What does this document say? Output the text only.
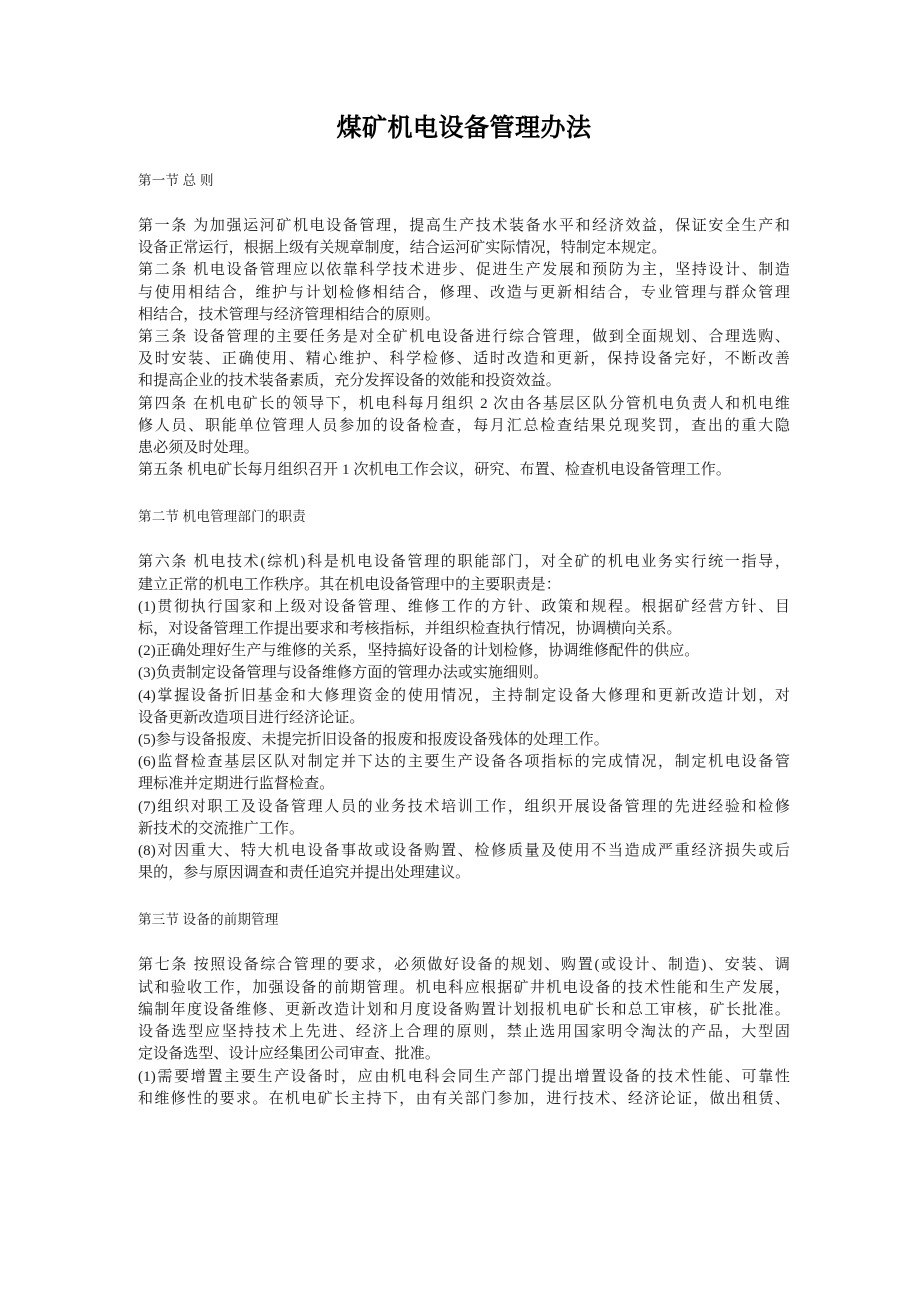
煤矿机电设备管理办法
第一节 总 则

第一条 为加强运河矿机电设备管理，提高生产技术装备水平和经济效益，保证安全生产和

设备正常运行，根据上级有关规章制度，结合运河矿实际情况，特制定本规定。

第二条 机电设备管理应以依靠科学技术进步、促进生产发展和预防为主，坚持设计、制造

与使用相结合，维护与计划检修相结合，修理、改造与更新相结合，专业管理与群众管理

相结合，技术管理与经济管理相结合的原则。

第三条 设备管理的主要任务是对全矿机电设备进行综合管理，做到全面规划、合理选购、

及时安装、正确使用、精心维护、科学检修、适时改造和更新，保持设备完好，不断改善

和提高企业的技术装备素质，充分发挥设备的效能和投资效益。

第四条 在机电矿长的领导下，机电科每月组织 2 次由各基层区队分管机电负责人和机电维

修人员、职能单位管理人员参加的设备检查，每月汇总检查结果兑现奖罚，查出的重大隐

患必须及时处理。

第五条 机电矿长每月组织召开 1 次机电工作会议，研究、布置、检查机电设备管理工作。

第二节 机电管理部门的职责

第六条 机电技术(综机)科是机电设备管理的职能部门，对全矿的机电业务实行统一指导，

建立正常的机电工作秩序。其在机电设备管理中的主要职责是：

(1)贯彻执行国家和上级对设备管理、维修工作的方针、政策和规程。根据矿经营方针、目

标，对设备管理工作提出要求和考核指标，并组织检查执行情况，协调横向关系。

(2)正确处理好生产与维修的关系，坚持搞好设备的计划检修，协调维修配件的供应。

(3)负责制定设备管理与设备维修方面的管理办法或实施细则。

(4)掌握设备折旧基金和大修理资金的使用情况，主持制定设备大修理和更新改造计划，对

设备更新改造项目进行经济论证。

(5)参与设备报废、未提完折旧设备的报废和报废设备残体的处理工作。

(6)监督检查基层区队对制定并下达的主要生产设备各项指标的完成情况，制定机电设备管

理标准并定期进行监督检查。

(7)组织对职工及设备管理人员的业务技术培训工作，组织开展设备管理的先进经验和检修

新技术的交流推广工作。

(8)对因重大、特大机电设备事故或设备购置、检修质量及使用不当造成严重经济损失或后

果的，参与原因调查和责任追究并提出处理建议。

第三节 设备的前期管理

第七条 按照设备综合管理的要求，必须做好设备的规划、购置(或设计、制造)、安装、调

试和验收工作，加强设备的前期管理。机电科应根据矿井机电设备的技术性能和生产发展，

编制年度设备维修、更新改造计划和月度设备购置计划报机电矿长和总工审核，矿长批准。

设备选型应坚持技术上先进、经济上合理的原则，禁止选用国家明令淘汰的产品，大型固

定设备选型、设计应经集团公司审查、批准。

(1)需要增置主要生产设备时，应由机电科会同生产部门提出增置设备的技术性能、可靠性

和维修性的要求。在机电矿长主持下，由有关部门参加，进行技术、经济论证，做出租赁、
